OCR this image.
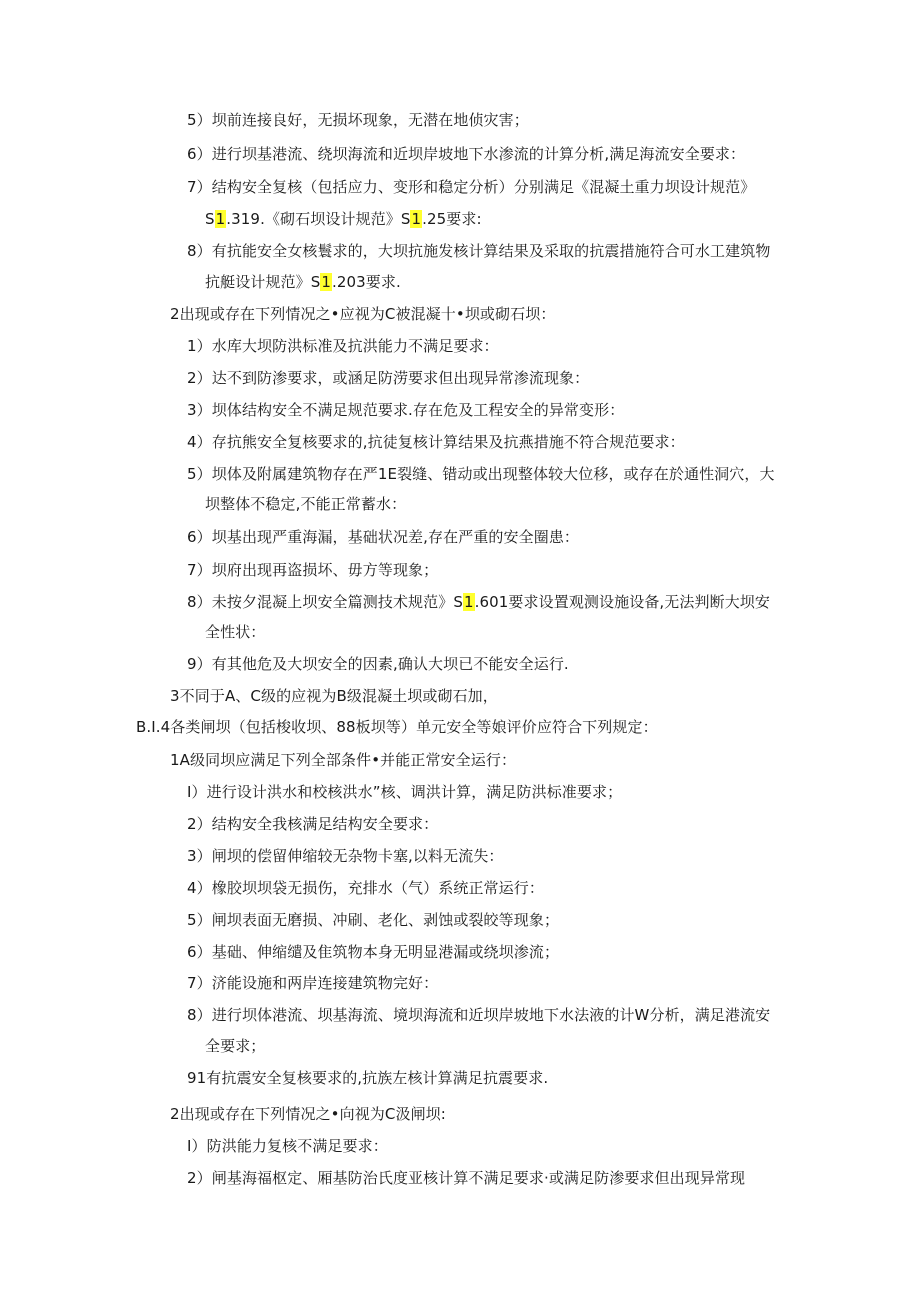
5）坝前连接良好，无损坏现象，无潜在地侦灾害；
6）进行坝基港流、绕坝海流和近坝岸坡地下水渗流的计算分析,满足海流安全要求：
7）结构安全复核（包括应力、变形和稳定分析）分别满足《混凝土重力坝设计规范》
S1.319.《砌石坝设计规范》S1.25要求:
8）有抗能安全女核鬟求的，大坝抗施发核计算结果及采取的抗震措施符合可水工建筑物
抗艇设计规范》S1.203要求.
2出现或存在下列情况之•应视为C被混凝十•坝或砌石坝：
1）水库大坝防洪标准及抗洪能力不满足要求：
2）达不到防渗要求，或涵足防涝要求但出现异常渗流现象：
3）坝体结构安全不满足规范要求.存在危及工程安全的异常变形：
4）存抗熊安全复核要求的,抗徒复核计算结果及抗燕措施不符合规范要求：
5）坝体及附属建筑物存在严1E裂缝、错动或出现整体较大位移，或存在於通性洞穴，大
坝整体不稳定,不能正常蓄水：
6）坝基出现严重海漏，基础状况差,存在严重的安全圈患：
7）坝府出现再盗损坏、毋方等现象；
8）未按夕混凝上坝安全篇测技术规范》S1.601要求设置观测设施设备,无法判断大坝安
全性状：
9）有其他危及大坝安全的因素,确认大坝已不能安全运行.
3不同于A、C级的应视为B级混凝土坝或砌石加，
B.I.4各类闸坝（包括梭收坝、88板坝等）单元安全等娘评价应符合下列规定：
1A级同坝应满足下列全部条件•并能正常安全运行：
I）进行设计洪水和校核洪水”核、调洪计算，满足防洪标准要求；
2）结构安全我核满足结构安全要求：
3）闸坝的偿留伸缩较无杂物卡塞,以料无流失：
4）橡胶坝坝袋无损伤，充排水（气）系统正常运行：
5）闸坝表面无磨损、冲刷、老化、剥蚀或裂皎等现象；
6）基础、伸缩缱及隹筑物本身无明显港漏或绕坝渗流；
7）济能设施和两岸连接建筑物完好：
8）进行坝体港流、坝基海流、境坝海流和近坝岸坡地下水法液的计W分析，满足港流安
全要求；
91有抗震安全复核要求的,抗族左核计算满足抗震要求.
2出现或存在下列情况之•向视为C汲闸坝:
I）防洪能力复核不满足要求：
2）闸基海福枢定、厢基防治氏度亚核计算不满足要求·或满足防渗要求但出现异常现
